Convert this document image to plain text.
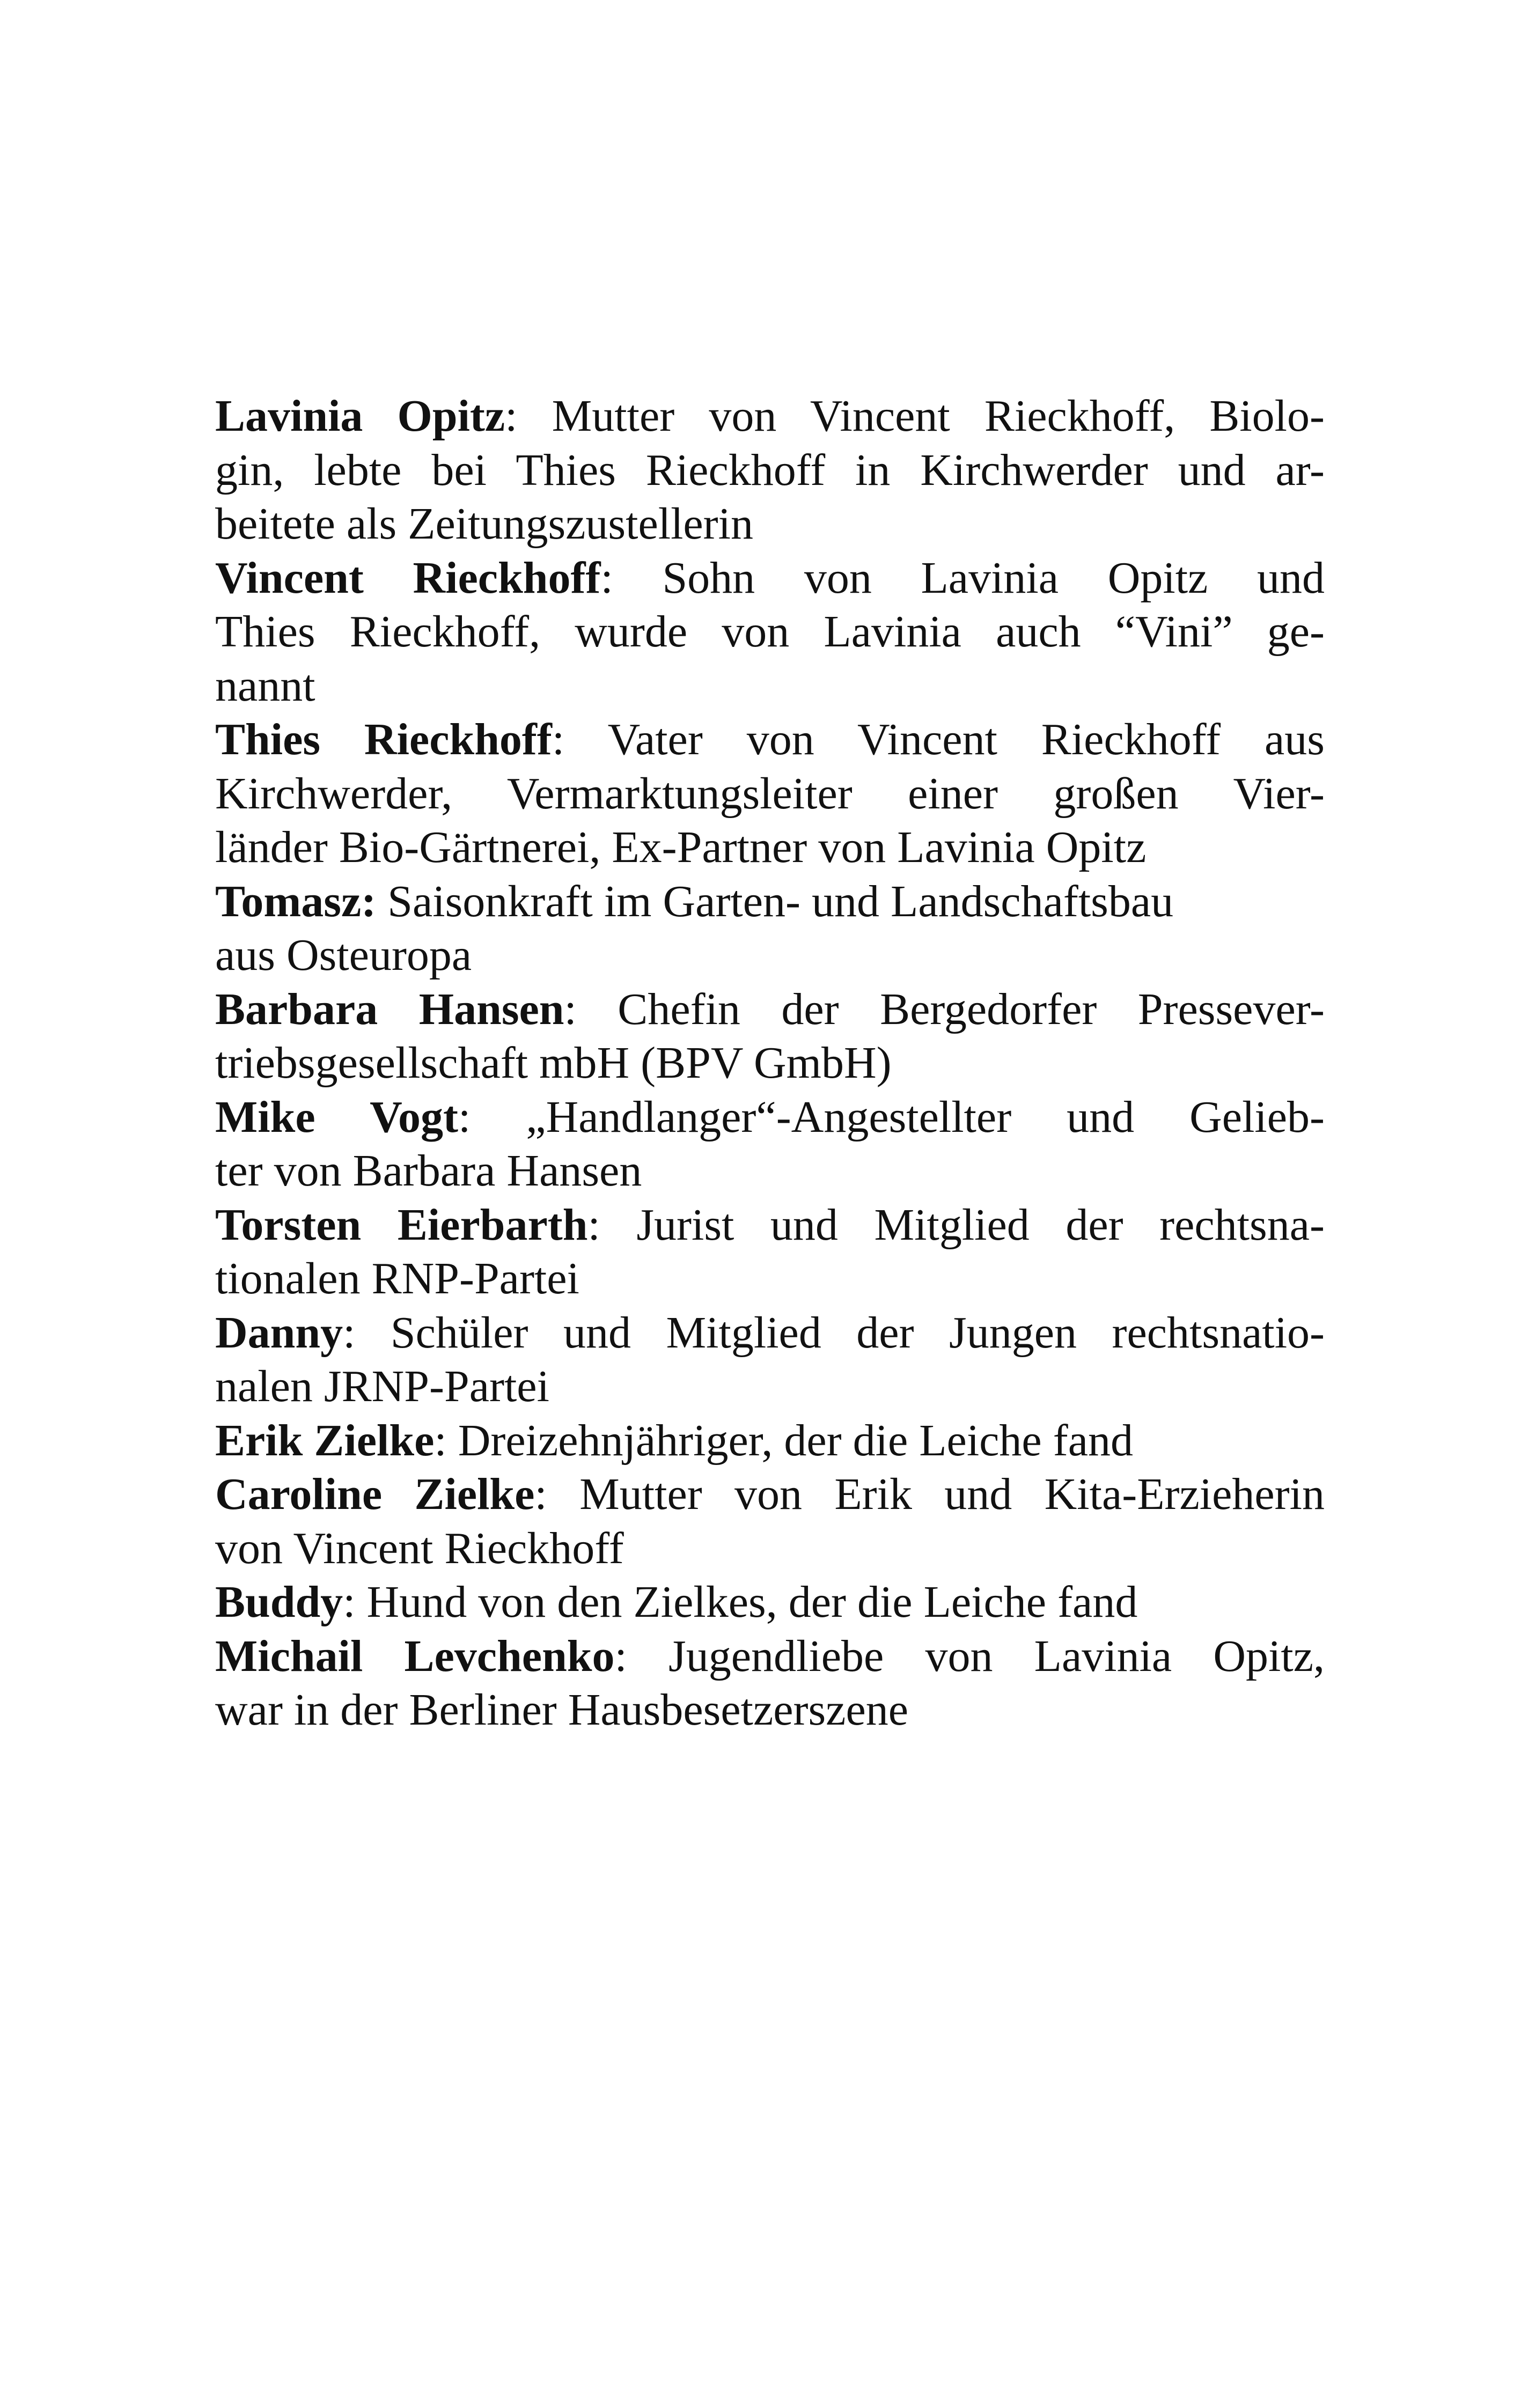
Lavinia Opitz: Mutter von Vincent Rieckhoff, Biolo-
gin, lebte bei Thies Rieckhoff in Kirchwerder und ar-
beitete als Zeitungszustellerin
Vincent Rieckhoff: Sohn von Lavinia Opitz und
Thies Rieckhoff, wurde von Lavinia auch “Vini” ge-
nannt
Thies Rieckhoff: Vater von Vincent Rieckhoff aus
Kirchwerder, Vermarktungsleiter einer großen Vier-
länder Bio-Gärtnerei, Ex-Partner von Lavinia Opitz
Tomasz: Saisonkraft im Garten- und Landschaftsbau
aus Osteuropa
Barbara Hansen: Chefin der Bergedorfer Pressever-
triebsgesellschaft mbH (BPV GmbH)
Mike Vogt: „Handlanger“-Angestellter und Gelieb-
ter von Barbara Hansen
Torsten Eierbarth: Jurist und Mitglied der rechtsna-
tionalen RNP-Partei
Danny: Schüler und Mitglied der Jungen rechtsnatio-
nalen JRNP-Partei
Erik Zielke: Dreizehnjähriger, der die Leiche fand
Caroline Zielke: Mutter von Erik und Kita-Erzieherin
von Vincent Rieckhoff
Buddy: Hund von den Zielkes, der die Leiche fand
Michail Levchenko: Jugendliebe von Lavinia Opitz,
war in der Berliner Hausbesetzerszene
